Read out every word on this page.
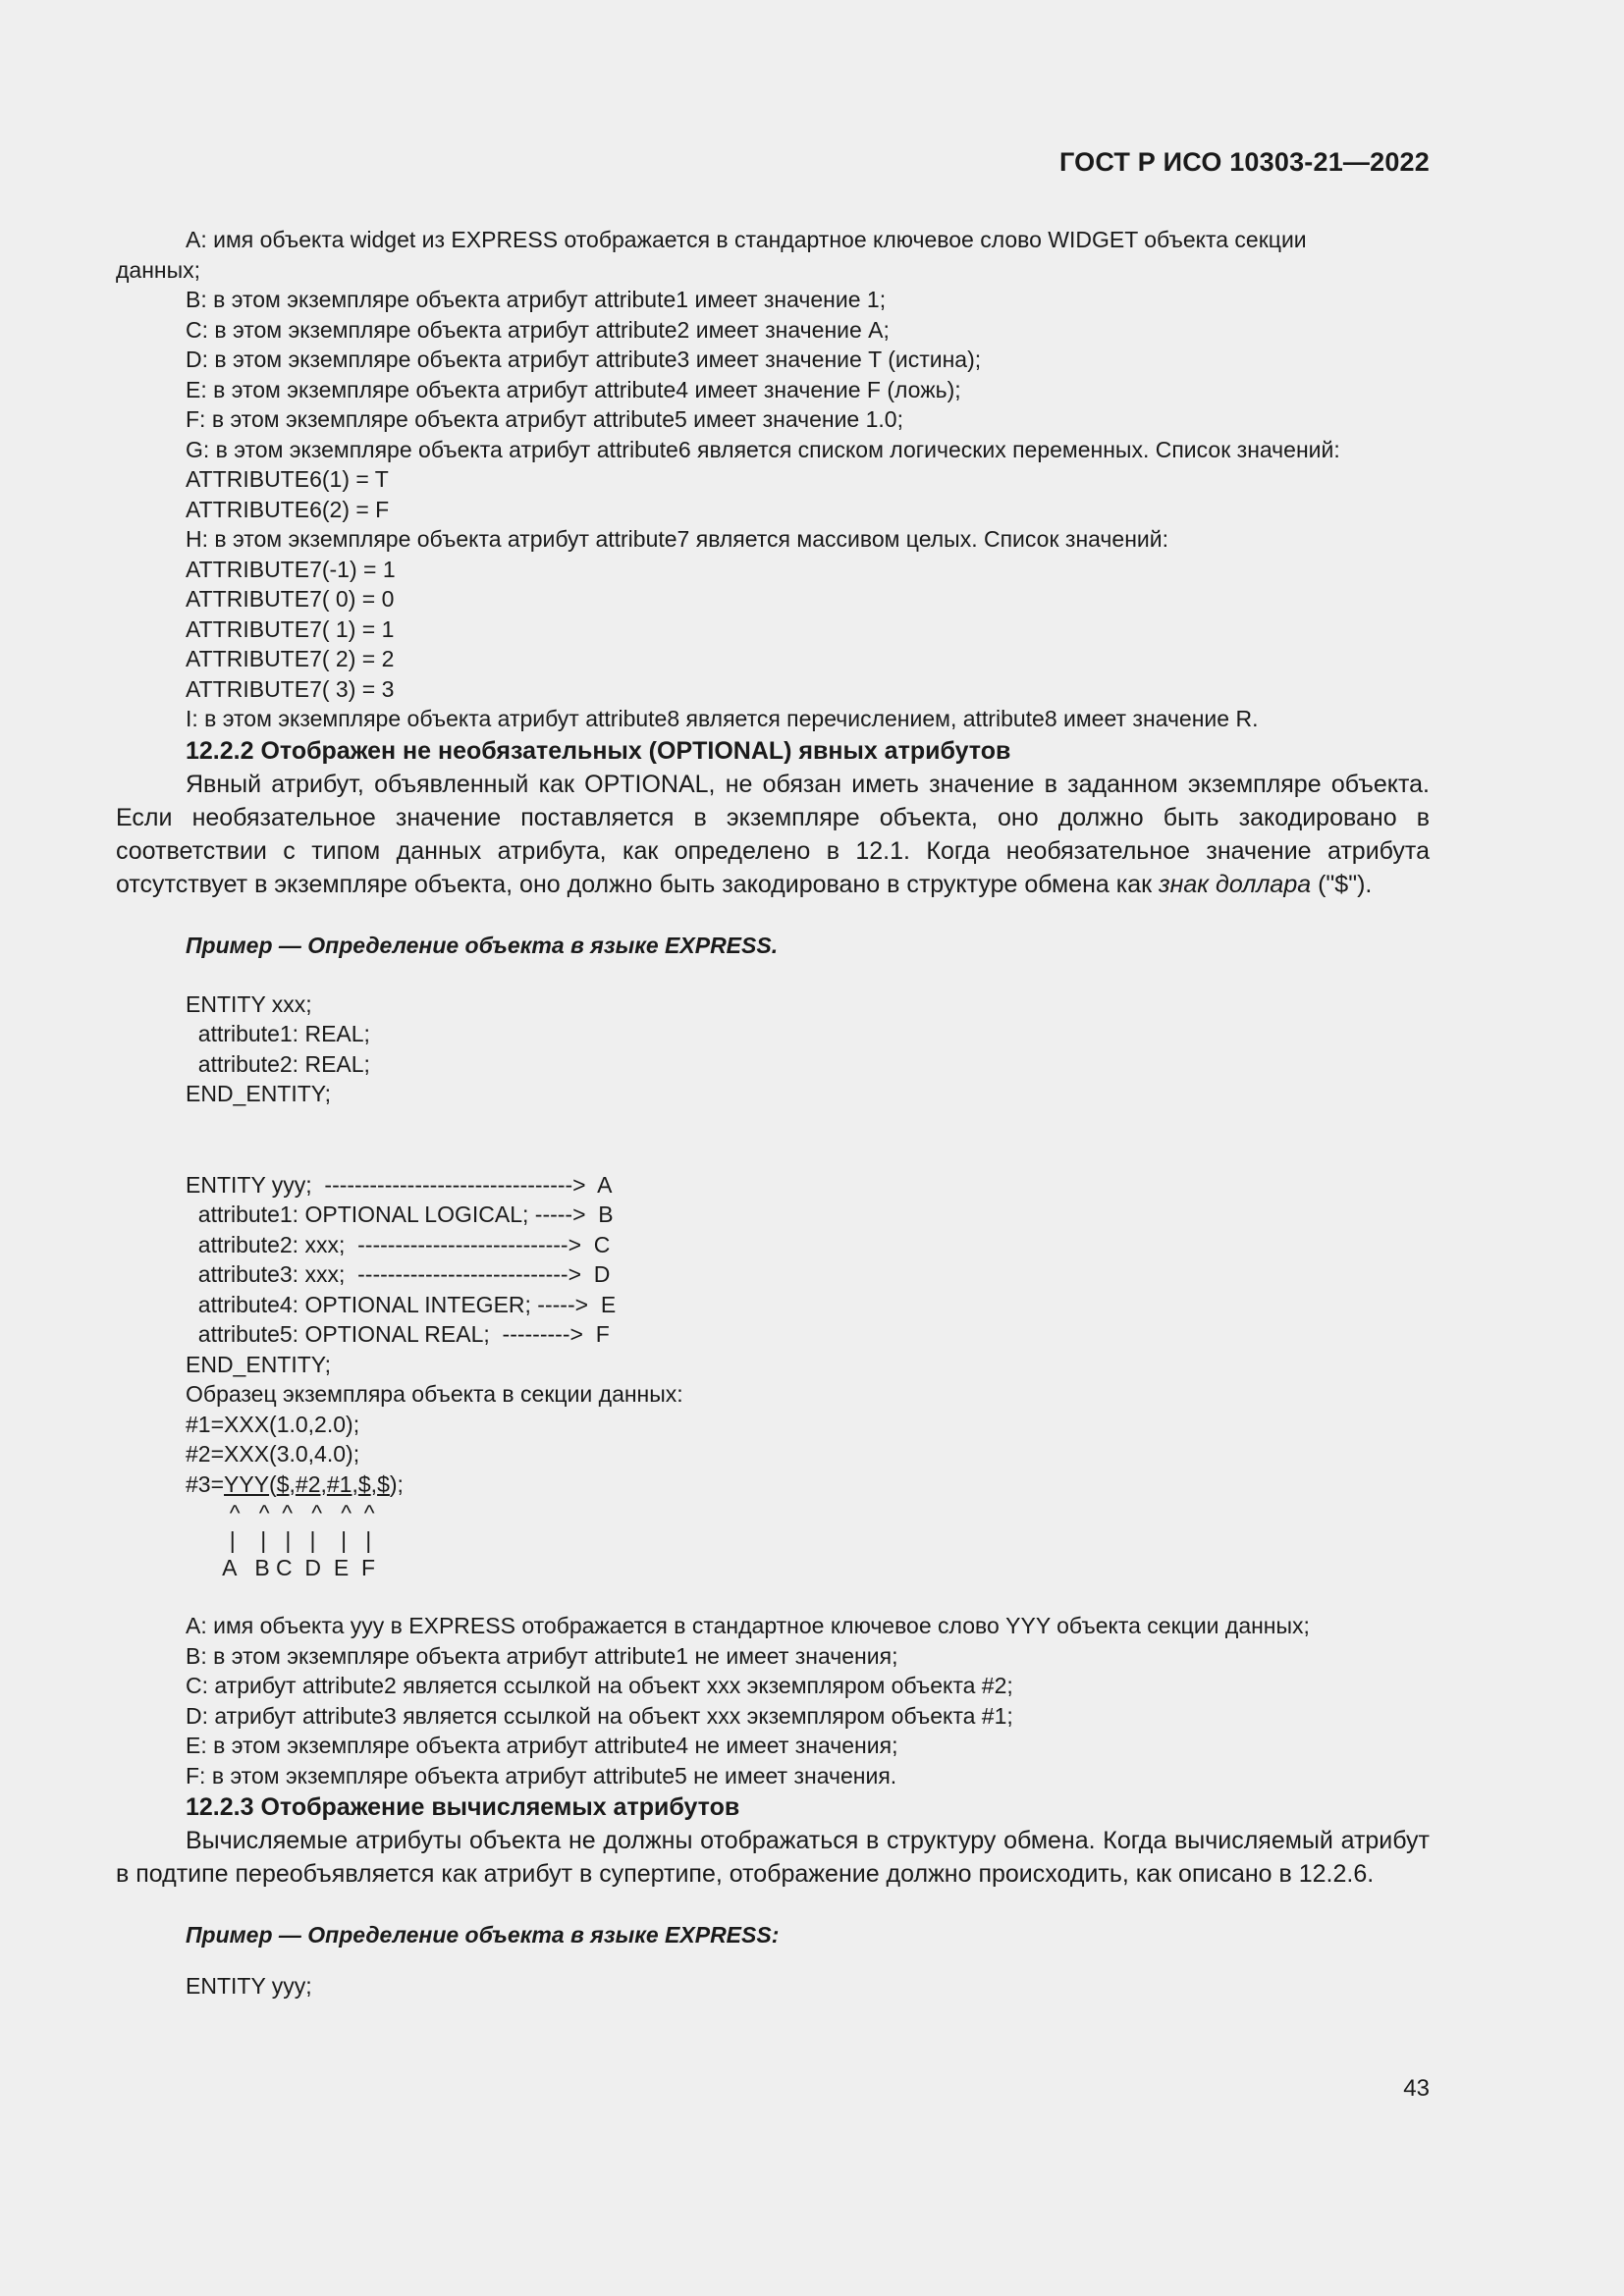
ГОСТ Р ИСО 10303-21—2022
A: имя объекта widget из EXPRESS отображается в стандартное ключевое слово WIDGET объекта секции
данных;
B: в этом экземпляре объекта атрибут attribute1 имеет значение 1;
C: в этом экземпляре объекта атрибут attribute2 имеет значение A;
D: в этом экземпляре объекта атрибут attribute3 имеет значение T (истина);
E: в этом экземпляре объекта атрибут attribute4 имеет значение F (ложь);
F: в этом экземпляре объекта атрибут attribute5 имеет значение 1.0;
G: в этом экземпляре объекта атрибут attribute6 является списком логических переменных. Список значений:
ATTRIBUTE6(1) = T
ATTRIBUTE6(2) = F
H: в этом экземпляре объекта атрибут attribute7 является массивом целых. Список значений:
ATTRIBUTE7(-1) = 1
ATTRIBUTE7( 0) = 0
ATTRIBUTE7( 1) = 1
ATTRIBUTE7( 2) = 2
ATTRIBUTE7( 3) = 3
I: в этом экземпляре объекта атрибут attribute8 является перечислением, attribute8 имеет значение R.
12.2.2 Отображен не необязательных (OPTIONAL) явных атрибутов
Явный атрибут, объявленный как OPTIONAL, не обязан иметь значение в заданном экземпляре объекта. Если необязательное значение поставляется в экземпляре объекта, оно должно быть закодировано в соответствии с типом данных атрибута, как определено в 12.1. Когда необязательное значение атрибута отсутствует в экземпляре объекта, оно должно быть закодировано в структуре обмена как знак доллара ("$").
Пример — Определение объекта в языке EXPRESS.
ENTITY xxx;
attribute1: REAL;
attribute2: REAL;
END_ENTITY;
ENTITY yyy;  --------------------------------->  A
attribute1: OPTIONAL LOGICAL; ----->  B
attribute2: xxx;  ---------------------------->  C
attribute3: xxx;  ---------------------------->  D
attribute4: OPTIONAL INTEGER; ----->  E
attribute5: OPTIONAL REAL;  --------->  F
END_ENTITY;
Образец экземпляра объекта в секции данных:
#1=XXX(1.0,2.0);
#2=XXX(3.0,4.0);
#3=YYY($,#2,#1,$,$);
^   ^  ^   ^   ^  ^
|    |   |   |    |   |
A   B C  D  E  F
A: имя объекта yyy в EXPRESS отображается в стандартное ключевое слово YYY объекта секции данных;
B: в этом экземпляре объекта атрибут attribute1 не имеет значения;
C: атрибут attribute2 является ссылкой на объект xxx экземпляром объекта #2;
D: атрибут attribute3 является ссылкой на объект xxx экземпляром объекта #1;
E: в этом экземпляре объекта атрибут attribute4 не имеет значения;
F: в этом экземпляре объекта атрибут attribute5 не имеет значения.
12.2.3 Отображение вычисляемых атрибутов
Вычисляемые атрибуты объекта не должны отображаться в структуру обмена. Когда вычисляемый атрибут в подтипе переобъявляется как атрибут в супертипе, отображение должно происходить, как описано в 12.2.6.
Пример — Определение объекта в языке EXPRESS:
ENTITY yyy;
43
